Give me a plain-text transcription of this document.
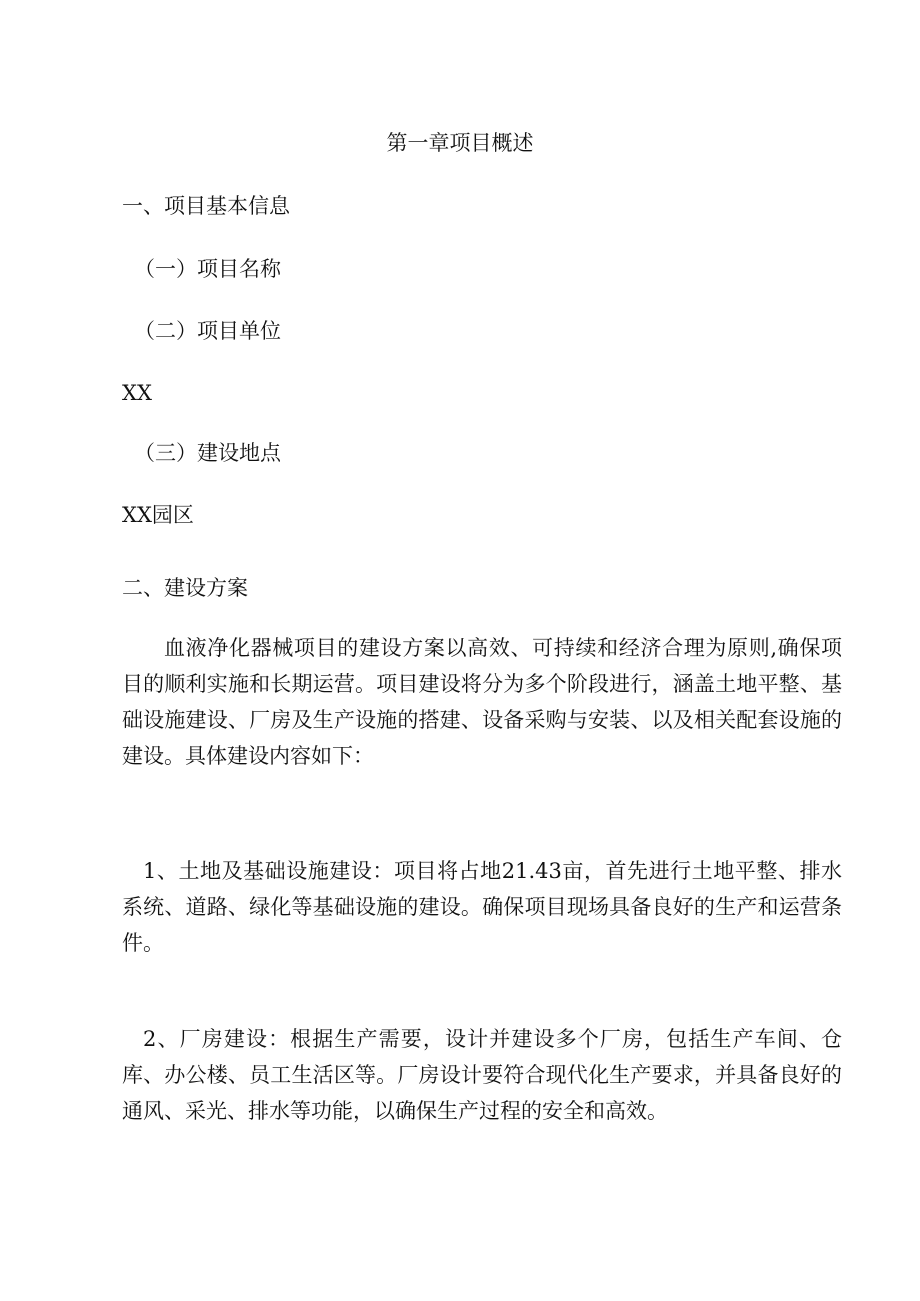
第一章项目概述

一、项目基本信息

（一）项目名称

（二）项目单位

XX

（三）建设地点

XX园区

二、建设方案

血液净化器械项目的建设方案以高效、可持续和经济合理为原则,确保项目的顺利实施和长期运营。项目建设将分为多个阶段进行，涵盖土地平整、基础设施建设、厂房及生产设施的搭建、设备采购与安装、以及相关配套设施的建设。具体建设内容如下：

1、土地及基础设施建设：项目将占地21.43亩，首先进行土地平整、排水系统、道路、绿化等基础设施的建设。确保项目现场具备良好的生产和运营条件。

2、厂房建设：根据生产需要，设计并建设多个厂房，包括生产车间、仓库、办公楼、员工生活区等。厂房设计要符合现代化生产要求，并具备良好的通风、采光、排水等功能，以确保生产过程的安全和高效。
